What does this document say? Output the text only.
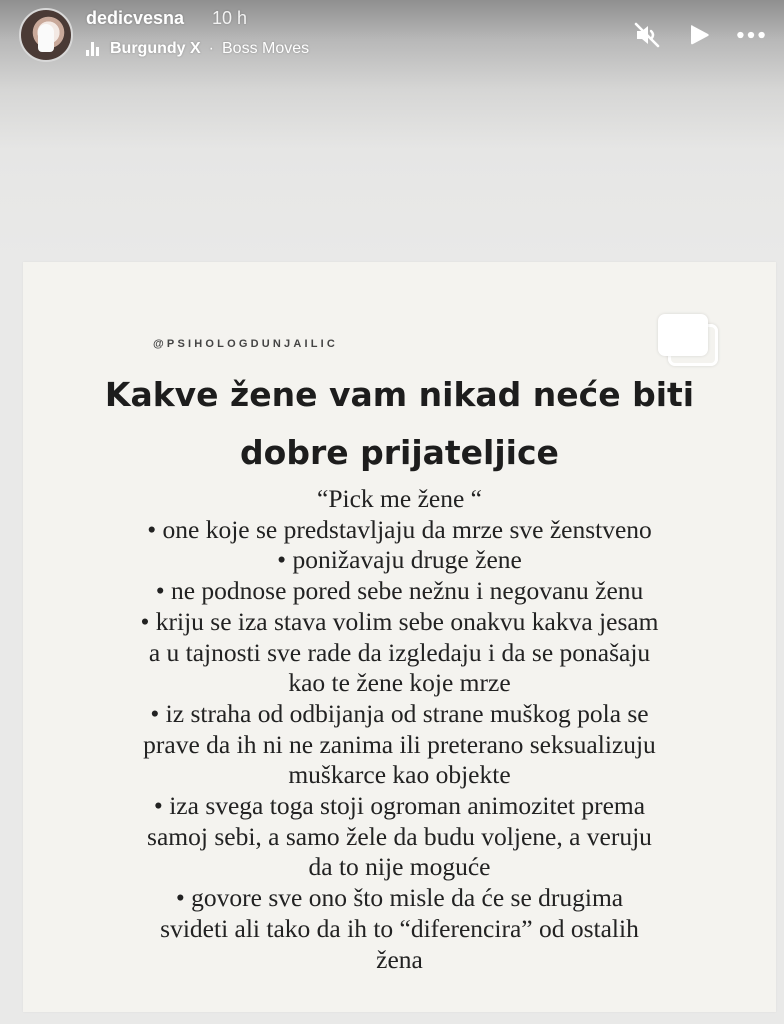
dedicvesna 10 h
Burgundy X · Boss Moves
@PSIHOLOGDUNJAILIC
Kakve žene vam nikad neće biti
dobre prijateljice
“Pick me žene “
• one koje se predstavljaju da mrze sve ženstveno
• ponižavaju druge žene
• ne podnose pored sebe nežnu i negovanu ženu
• kriju se iza stava volim sebe onakvu kakva jesam
a u tajnosti sve rade da izgledaju i da se ponašaju
kao te žene koje mrze
• iz straha od odbijanja od strane muškog pola se
prave da ih ni ne zanima ili preterano seksualizuju
muškarce kao objekte
• iza svega toga stoji ogroman animozitet prema
samoj sebi, a samo žele da budu voljene, a veruju
da to nije moguće
• govore sve ono što misle da će se drugima
svideti ali tako da ih to “diferencira” od ostalih
žena
